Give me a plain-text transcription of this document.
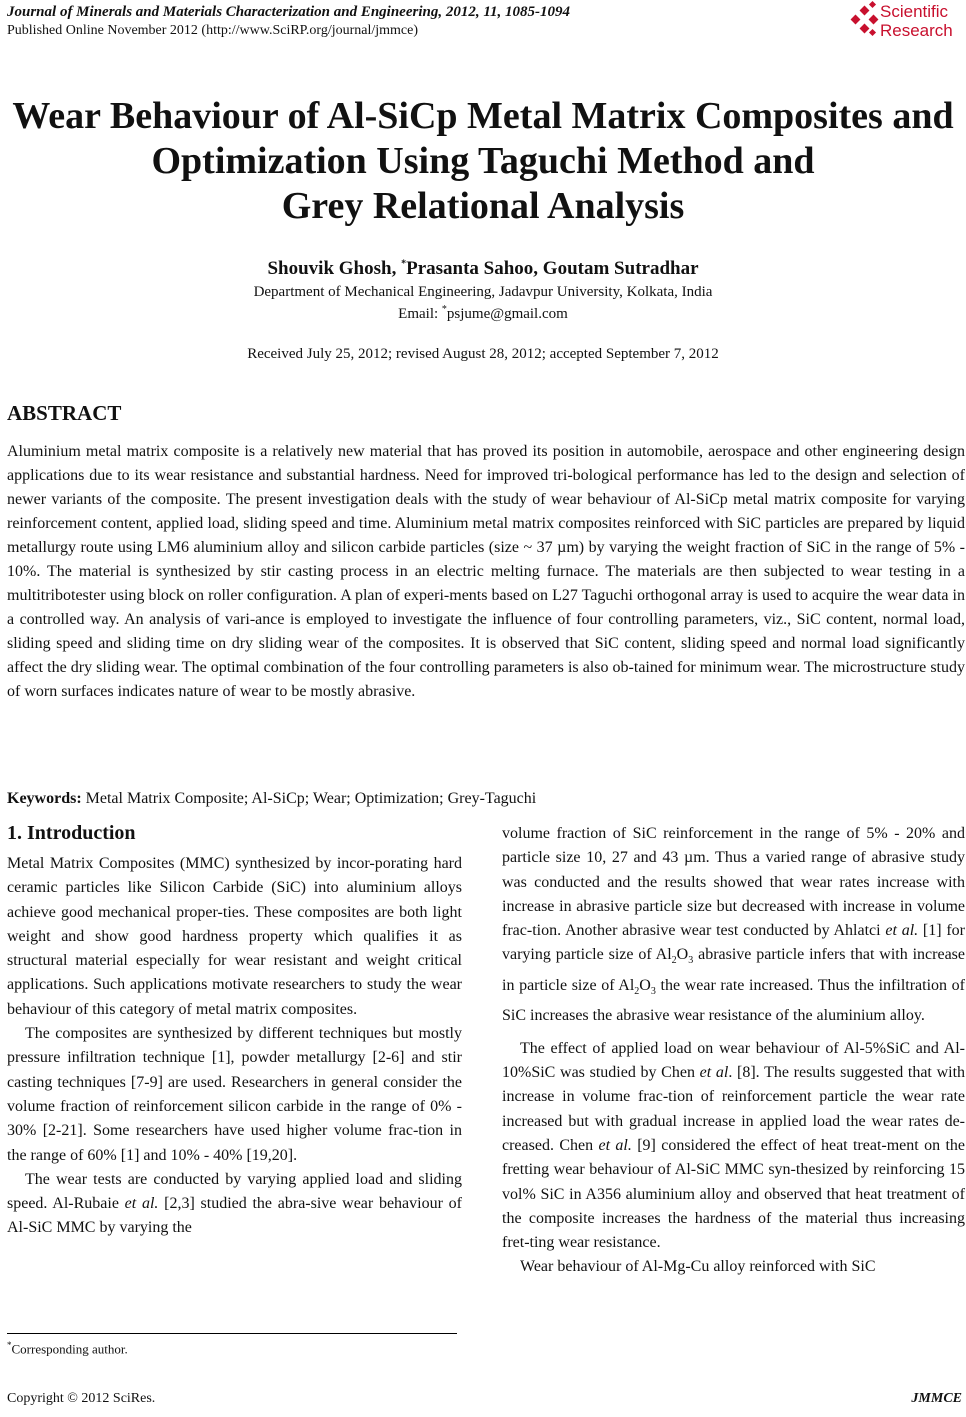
Journal of Minerals and Materials Characterization and Engineering, 2012, 11, 1085-1094
Published Online November 2012 (http://www.SciRP.org/journal/jmmce)
Scientific
Research
Wear Behaviour of Al-SiCp Metal Matrix Composites and
Optimization Using Taguchi Method and
Grey Relational Analysis
Shouvik Ghosh, *Prasanta Sahoo, Goutam Sutradhar
Department of Mechanical Engineering, Jadavpur University, Kolkata, India
Email: *psjume@gmail.com
Received July 25, 2012; revised August 28, 2012; accepted September 7, 2012
ABSTRACT
Aluminium metal matrix composite is a relatively new material that has proved its position in automobile, aerospace and other engineering design applications due to its wear resistance and substantial hardness. Need for improved tri-bological performance has led to the design and selection of newer variants of the composite. The present investigation deals with the study of wear behaviour of Al-SiCp metal matrix composite for varying reinforcement content, applied load, sliding speed and time. Aluminium metal matrix composites reinforced with SiC particles are prepared by liquid metallurgy route using LM6 aluminium alloy and silicon carbide particles (size ~ 37 µm) by varying the weight fraction of SiC in the range of 5% - 10%. The material is synthesized by stir casting process in an electric melting furnace. The materials are then subjected to wear testing in a multitribotester using block on roller configuration. A plan of experi-ments based on L27 Taguchi orthogonal array is used to acquire the wear data in a controlled way. An analysis of vari-ance is employed to investigate the influence of four controlling parameters, viz., SiC content, normal load, sliding speed and sliding time on dry sliding wear of the composites. It is observed that SiC content, sliding speed and normal load significantly affect the dry sliding wear. The optimal combination of the four controlling parameters is also ob-tained for minimum wear. The microstructure study of worn surfaces indicates nature of wear to be mostly abrasive.
Keywords: Metal Matrix Composite; Al-SiCp; Wear; Optimization; Grey-Taguchi
1. Introduction

Metal Matrix Composites (MMC) synthesized by incor-porating hard ceramic particles like Silicon Carbide (SiC) into aluminium alloys achieve good mechanical proper-ties. These composites are both light weight and show good hardness property which qualifies it as structural material especially for wear resistant and weight critical applications. Such applications motivate researchers to study the wear behaviour of this category of metal matrix composites.

The composites are synthesized by different techniques but mostly pressure infiltration technique [1], powder metallurgy [2-6] and stir casting techniques [7-9] are used. Researchers in general consider the volume fraction of reinforcement silicon carbide in the range of 0% - 30% [2-21]. Some researchers have used higher volume frac-tion in the range of 60% [1] and 10% - 40% [19,20].

The wear tests are conducted by varying applied load and sliding speed. Al-Rubaie et al. [2,3] studied the abra-sive wear behaviour of Al-SiC MMC by varying the

volume fraction of SiC reinforcement in the range of 5% - 20% and particle size 10, 27 and 43 µm. Thus a varied range of abrasive study was conducted and the results showed that wear rates increase with increase in abrasive particle size but decreased with increase in volume frac-tion. Another abrasive wear test conducted by Ahlatci et al. [1] for varying particle size of $Al_2O_3$ abrasive particle infers that with increase in particle size of $Al_2O_3$ the wear rate increased. Thus the infiltration of SiC increases the abrasive wear resistance of the aluminium alloy.

The effect of applied load on wear behaviour of Al-5%SiC and Al-10%SiC was studied by Chen et al. [8]. The results suggested that with increase in volume frac-tion of reinforcement particle the wear rate increased but with gradual increase in applied load the wear rates de-creased. Chen et al. [9] considered the effect of heat treat-ment on the fretting wear behaviour of Al-SiC MMC syn-thesized by reinforcing 15 vol% SiC in A356 aluminium alloy and observed that heat treatment of the composite increases the hardness of the material thus increasing fret-ting wear resistance.

Wear behaviour of Al-Mg-Cu alloy reinforced with SiC

*Corresponding author.
Copyright © 2012 SciRes.	JMMCE
